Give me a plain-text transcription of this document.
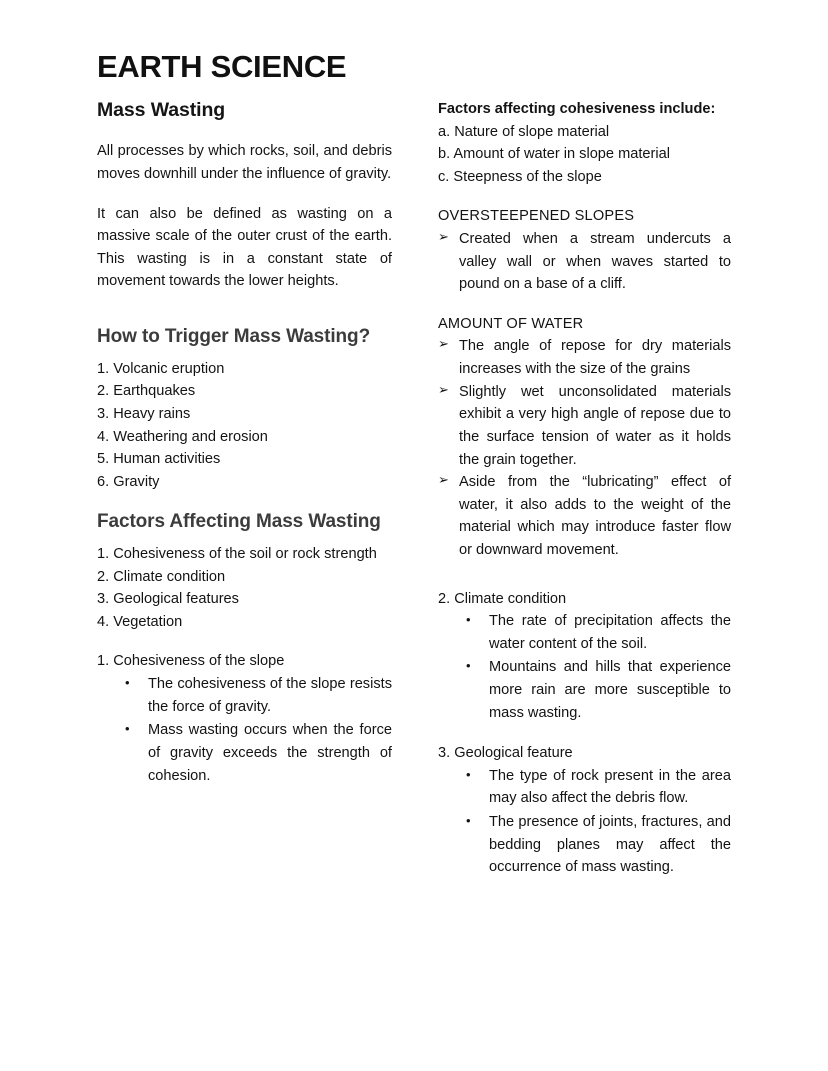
EARTH SCIENCE
Mass Wasting

All processes by which rocks, soil, and debris moves downhill under the influence of gravity.

It can also be defined as wasting on a massive scale of the outer crust of the earth. This wasting is in a constant state of movement towards the lower heights.

How to Trigger Mass Wasting?
1. Volcanic eruption
2. Earthquakes
3. Heavy rains
4. Weathering and erosion
5. Human activities
6. Gravity
Factors Affecting Mass Wasting
1. Cohesiveness of the soil or rock strength
2. Climate condition
3. Geological features
4. Vegetation

1. Cohesiveness of the slope

• The cohesiveness of the slope resists the force of gravity.
• Mass wasting occurs when the force of gravity exceeds the strength of cohesion.

Factors affecting cohesiveness include:

a. Nature of slope material
b. Amount of water in slope material
c. Steepness of the slope

OVERSTEEPENED SLOPES

➢ Created when a stream undercuts a valley wall or when waves started to pound on a base of a cliff.

AMOUNT OF WATER

➢ The angle of repose for dry materials increases with the size of the grains
➢ Slightly wet unconsolidated materials exhibit a very high angle of repose due to the surface tension of water as it holds the grain together.
➢ Aside from the “lubricating” effect of water, it also adds to the weight of the material which may introduce faster flow or downward movement.

2. Climate condition

• The rate of precipitation affects the water content of the soil.
• Mountains and hills that experience more rain are more susceptible to mass wasting.

3. Geological feature

• The type of rock present in the area may also affect the debris flow.
• The presence of joints, fractures, and bedding planes may affect the occurrence of mass wasting.
